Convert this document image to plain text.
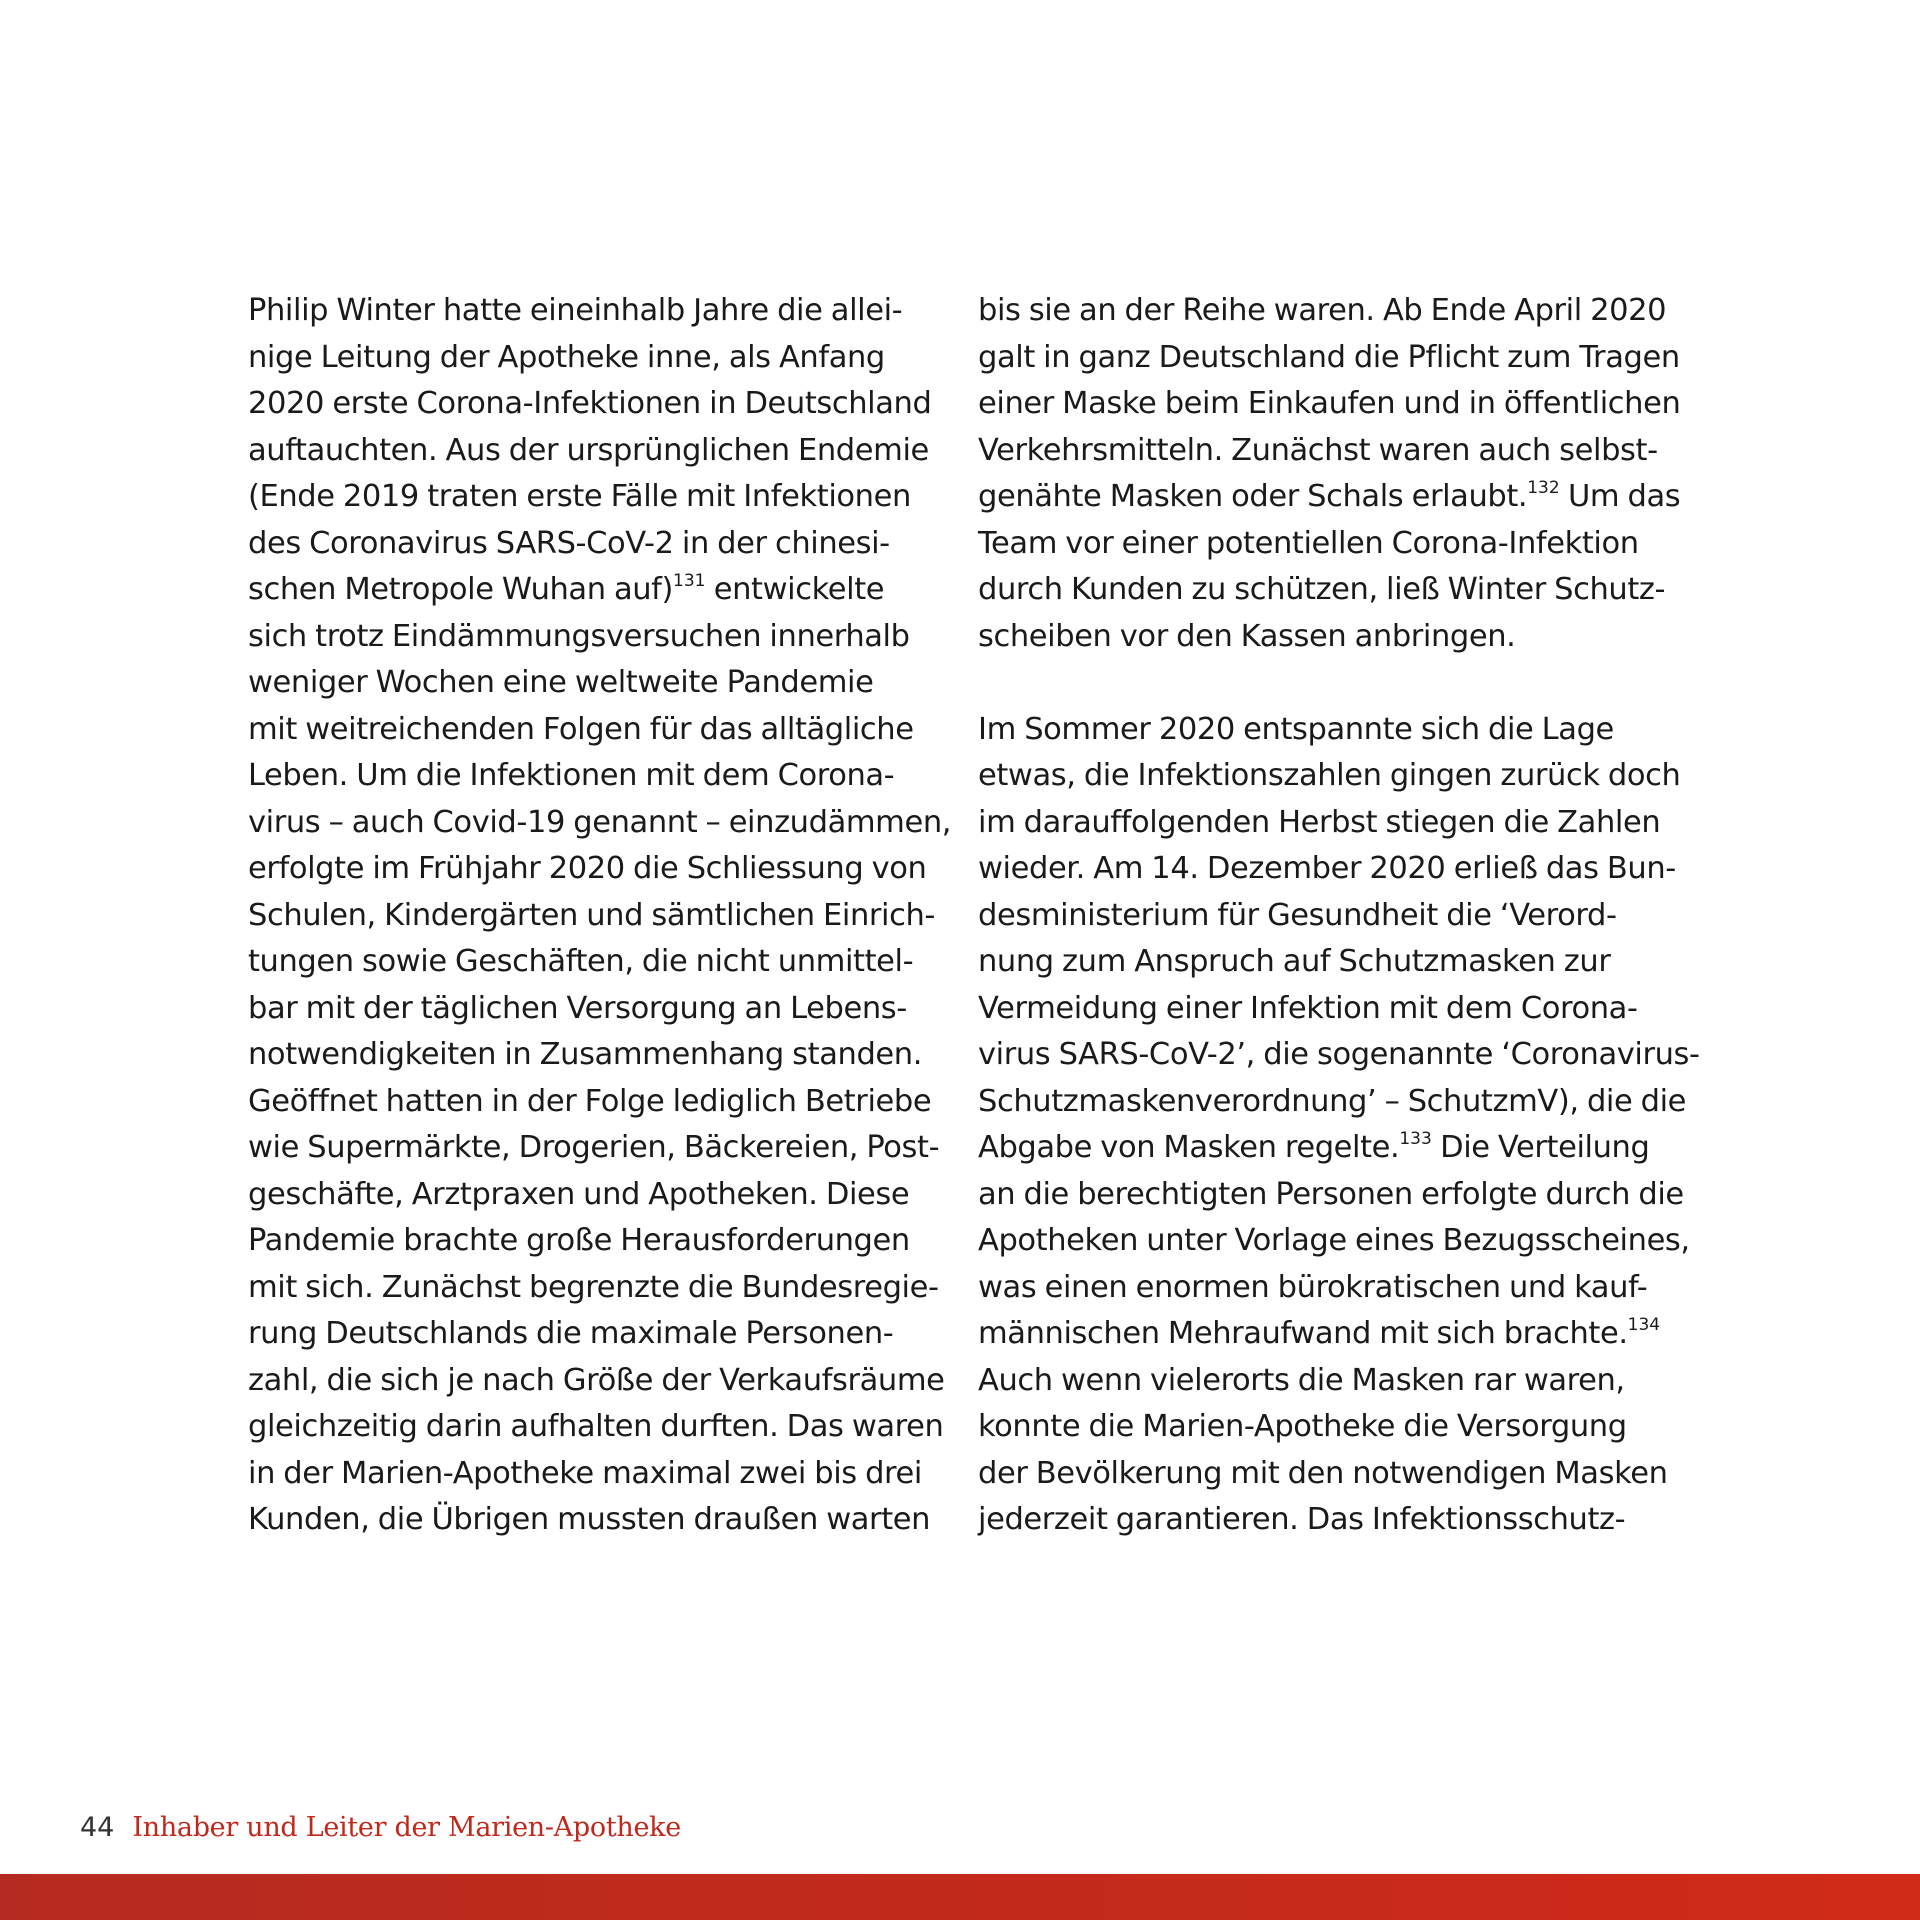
Philip Winter hatte eineinhalb Jahre die allei-
nige Leitung der Apotheke inne, als Anfang
2020 erste Corona-Infektionen in Deutschland
auftauchten. Aus der ursprünglichen Endemie
(Ende 2019 traten erste Fälle mit Infektionen
des Coronavirus SARS-CoV-2 in der chinesi-
schen Metropole Wuhan auf)$^{131}$ entwickelte
sich trotz Eindämmungsversuchen innerhalb
weniger Wochen eine weltweite Pandemie
mit weitreichenden Folgen für das alltägliche
Leben. Um die Infektionen mit dem Corona-
virus – auch Covid-19 genannt – einzudämmen,
erfolgte im Frühjahr 2020 die Schliessung von
Schulen, Kindergärten und sämtlichen Einrich-
tungen sowie Geschäften, die nicht unmittel-
bar mit der täglichen Versorgung an Lebens-
notwendigkeiten in Zusammenhang standen.
Geöffnet hatten in der Folge lediglich Betriebe
wie Supermärkte, Drogerien, Bäckereien, Post-
geschäfte, Arztpraxen und Apotheken. Diese
Pandemie brachte große Herausforderungen
mit sich. Zunächst begrenzte die Bundesregie-
rung Deutschlands die maximale Personen-
zahl, die sich je nach Größe der Verkaufsräume
gleichzeitig darin aufhalten durften. Das waren
in der Marien-Apotheke maximal zwei bis drei
Kunden, die Übrigen mussten draußen warten
bis sie an der Reihe waren. Ab Ende April 2020
galt in ganz Deutschland die Pflicht zum Tragen
einer Maske beim Einkaufen und in öffentlichen
Verkehrsmitteln. Zunächst waren auch selbst-
genähte Masken oder Schals erlaubt.$^{132}$ Um das
Team vor einer potentiellen Corona-Infektion
durch Kunden zu schützen, ließ Winter Schutz-
scheiben vor den Kassen anbringen.
Im Sommer 2020 entspannte sich die Lage
etwas, die Infektionszahlen gingen zurück doch
im darauffolgenden Herbst stiegen die Zahlen
wieder. Am 14. Dezember 2020 erließ das Bun-
desministerium für Gesundheit die ‘Verord-
nung zum Anspruch auf Schutzmasken zur
Vermeidung einer Infektion mit dem Corona-
virus SARS-CoV-2’, die sogenannte ‘Coronavirus-
Schutzmaskenverordnung’ – SchutzmV), die die
Abgabe von Masken regelte.$^{133}$ Die Verteilung
an die berechtigten Personen erfolgte durch die
Apotheken unter Vorlage eines Bezugsscheines,
was einen enormen bürokratischen und kauf-
männischen Mehraufwand mit sich brachte.$^{134}$
Auch wenn vielerorts die Masken rar waren,
konnte die Marien-Apotheke die Versorgung
der Bevölkerung mit den notwendigen Masken
jederzeit garantieren. Das Infektionsschutz-
44 Inhaber und Leiter der Marien-Apotheke
